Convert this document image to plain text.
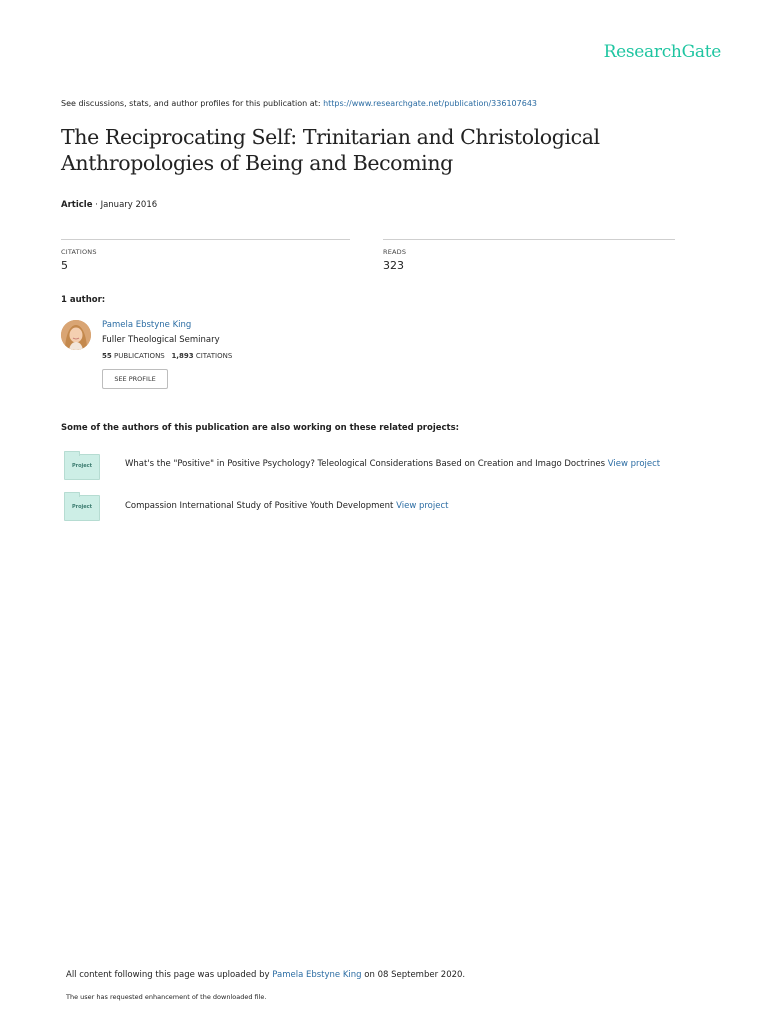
ResearchGate
See discussions, stats, and author profiles for this publication at: https://www.researchgate.net/publication/336107643
The Reciprocating Self: Trinitarian and Christological Anthropologies of Being and Becoming
Article · January 2016
CITATIONS
5
READS
323
1 author:
Pamela Ebstyne King
Fuller Theological Seminary
55 PUBLICATIONS 1,893 CITATIONS
SEE PROFILE
Some of the authors of this publication are also working on these related projects:
Project	What's the "Positive" in Positive Psychology? Teleological Considerations Based on Creation and Imago Doctrines View project
Project	Compassion International Study of Positive Youth Development View project
All content following this page was uploaded by Pamela Ebstyne King on 08 September 2020.
The user has requested enhancement of the downloaded file.
